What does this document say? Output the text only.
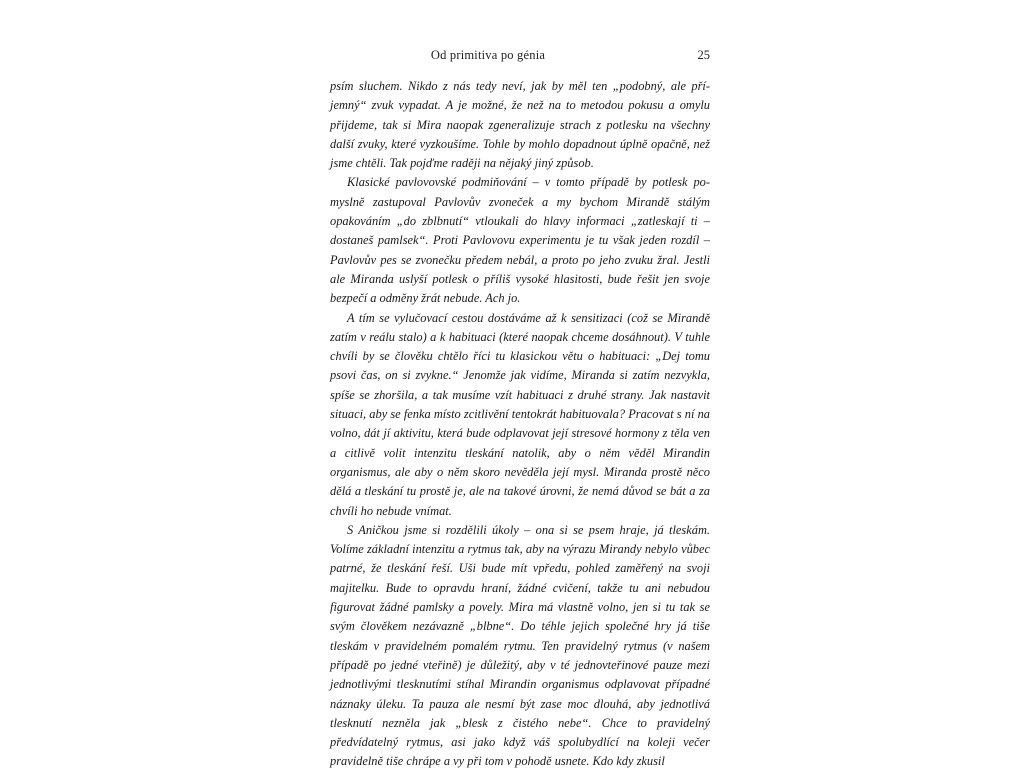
Od primitiva po génia	25

psím sluchem. Nikdo z nás tedy neví, jak by měl ten „podobný, ale příjemný“ zvuk vypadat. A je možné, že než na to metodou pokusu a omylu přijdeme, tak si Mira naopak zgeneralizuje strach z potlesku na všechny další zvuky, které vyzkoušíme. Tohle by mohlo dopadnout úplně opačně, než jsme chtěli. Tak pojďme raději na nějaký jiný způsob.

Klasické pavlovovské podmiňování – v tomto případě by potlesk pomyslně zastupoval Pavlovův zvoneček a my bychom Mirandě stálým opakováním „do zblbnutí“ vtloukali do hlavy informaci „zatleskají ti – dostaneš pamlsek“. Proti Pavlovovu experimentu je tu však jeden rozdíl – Pavlovův pes se zvonečku předem nebál, a proto po jeho zvuku žral. Jestli ale Miranda uslyší potlesk o příliš vysoké hlasitosti, bude řešit jen svoje bezpečí a odměny žrát nebude. Ach jo.

A tím se vylučovací cestou dostáváme až k sensitizaci (což se Mirandě zatím v reálu stalo) a k habituaci (které naopak chceme dosáhnout). V tuhle chvíli by se člověku chtělo říci tu klasickou větu o habituaci: „Dej tomu psovi čas, on si zvykne.“ Jenomže jak vidíme, Miranda si zatím nezvykla, spíše se zhoršila, a tak musíme vzít habituaci z druhé strany. Jak nastavit situaci, aby se fenka místo zcitlivění tentokrát habituovala? Pracovat s ní na volno, dát jí aktivitu, která bude odplavovat její stresové hormony z těla ven a citlivě volit intenzitu tleskání natolik, aby o něm věděl Mirandin organismus, ale aby o něm skoro nevěděla její mysl. Miranda prostě něco dělá a tleskání tu prostě je, ale na takové úrovni, že nemá důvod se bát a za chvíli ho nebude vnímat.

S Aničkou jsme si rozdělili úkoly – ona si se psem hraje, já tleskám. Volíme základní intenzitu a rytmus tak, aby na výrazu Mirandy nebylo vůbec patrné, že tleskání řeší. Uši bude mít vpředu, pohled zaměřený na svoji majitelku. Bude to opravdu hraní, žádné cvičení, takže tu ani nebudou figurovat žádné pamlsky a povely. Mira má vlastně volno, jen si tu tak se svým člověkem nezávazně „blbne“. Do téhle jejich společné hry já tiše tleskám v pravidelném pomalém rytmu. Ten pravidelný rytmus (v našem případě po jedné vteřině) je důležitý, aby v té jednovteřinové pauze mezi jednotlivými tlesknutími stíhal Mirandin organismus odplavovat případné náznaky úleku. Ta pauza ale nesmí být zase moc dlouhá, aby jednotlivá tlesknutí nezněla jak „blesk z čistého nebe“. Chce to pravidelný předvídatelný rytmus, asi jako když váš spolubydlící na koleji večer pravidelně tiše chrápe a vy při tom v pohodě usnete. Kdo kdy zkusil
